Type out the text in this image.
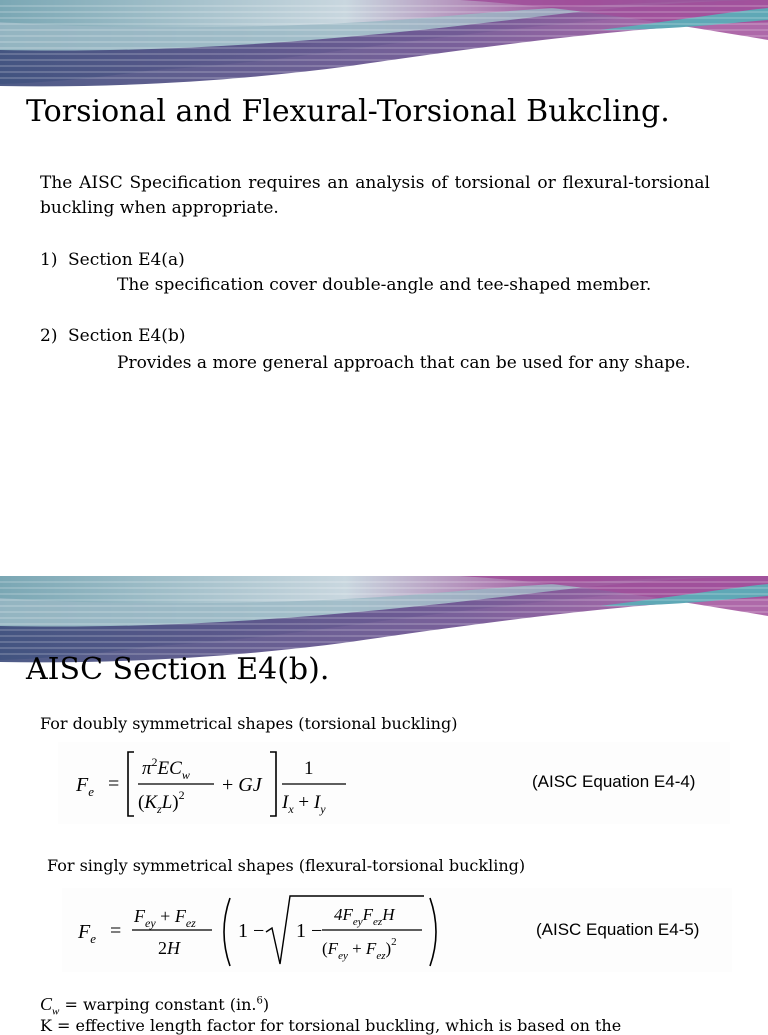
Torsional and Flexural-Torsional Bukcling.
The AISC Specification requires an analysis of torsional or flexural-torsional buckling when appropriate.
1) Section E4(a)
The specification cover double-angle and tee-shaped member.
2) Section E4(b)
Provides a more general approach that can be used for any shape.
AISC Section E4(b).
For doubly symmetrical shapes (torsional buckling)
$F_e$ =
$\pi^2EC_w$
$(K_zL)^2$ + GJ
1
$I_x + I_y$
(AISC Equation E4-4)
For singly symmetrical shapes (flexural-torsional buckling)
$F_e$ =
$F_{ey} + F_{ez}$
2H
1 − 1 −
$4F_{ey}F_{ez}H$
$(F_{ey} + F_{ez})^2$
(AISC Equation E4-5)
$C_w$ = warping constant (in.$^6$)
K = effective length factor for torsional buckling, which is based on the
